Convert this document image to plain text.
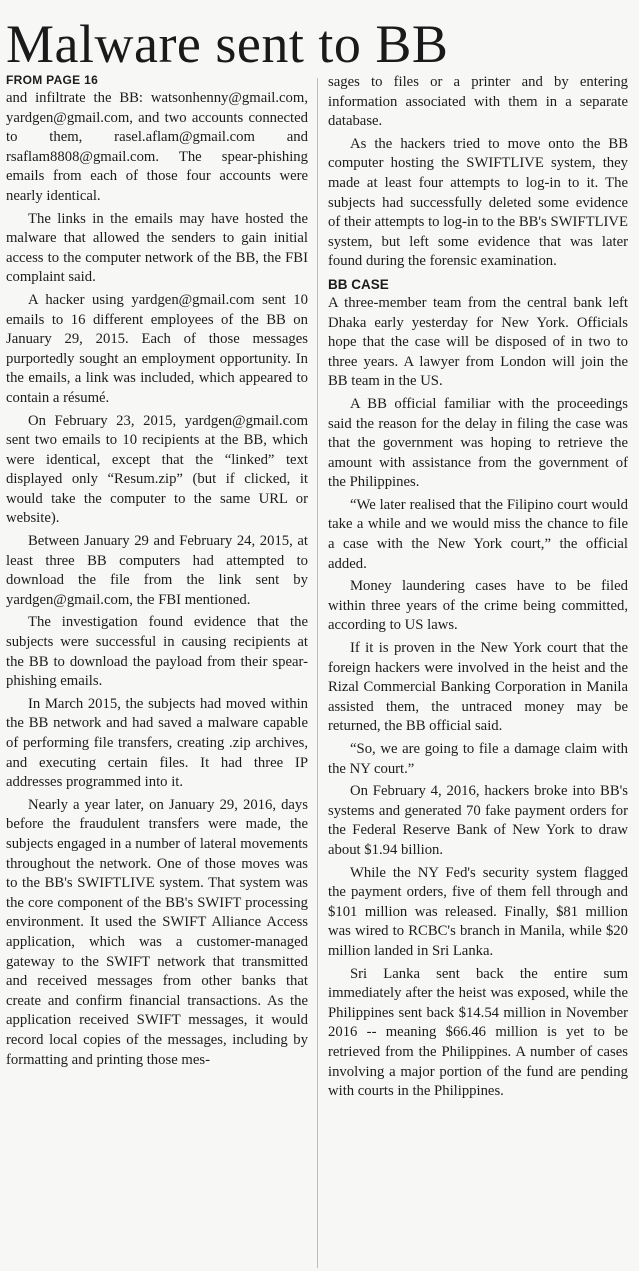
Malware sent to BB
FROM PAGE 16

and infiltrate the BB: watsonhenny@gmail.com, yardgen@gmail.com, and two accounts connected to them, rasel.aflam@gmail.com and rsaflam8808@gmail.com. The spear-phishing emails from each of those four accounts were nearly identical.

The links in the emails may have hosted the malware that allowed the senders to gain initial access to the computer network of the BB, the FBI complaint said.

A hacker using yardgen@gmail.com sent 10 emails to 16 different employees of the BB on January 29, 2015. Each of those messages purportedly sought an employment opportunity. In the emails, a link was included, which appeared to contain a résumé.

On February 23, 2015, yardgen@gmail.com sent two emails to 10 recipients at the BB, which were identical, except that the “linked” text displayed only “Resum.zip” (but if clicked, it would take the computer to the same URL or website).

Between January 29 and February 24, 2015, at least three BB computers had attempted to download the file from the link sent by yardgen@gmail.com, the FBI mentioned.

The investigation found evidence that the subjects were successful in causing recipients at the BB to download the payload from their spear-phishing emails.

In March 2015, the subjects had moved within the BB network and had saved a malware capable of performing file transfers, creating .zip archives, and executing certain files. It had three IP addresses programmed into it.

Nearly a year later, on January 29, 2016, days before the fraudulent transfers were made, the subjects engaged in a number of lateral movements throughout the network. One of those moves was to the BB's SWIFTLIVE system. That system was the core component of the BB's SWIFT processing environment. It used the SWIFT Alliance Access application, which was a customer-managed gateway to the SWIFT network that transmitted and received messages from other banks that create and confirm financial transactions. As the application received SWIFT messages, it would record local copies of the messages, including by formatting and printing those mes-

sages to files or a printer and by entering information associated with them in a separate database.

As the hackers tried to move onto the BB computer hosting the SWIFTLIVE system, they made at least four attempts to log-in to it. The subjects had successfully deleted some evidence of their attempts to log-in to the BB's SWIFTLIVE system, but left some evidence that was later found during the forensic examination.

BB CASE

A three-member team from the central bank left Dhaka early yesterday for New York. Officials hope that the case will be disposed of in two to three years. A lawyer from London will join the BB team in the US.

A BB official familiar with the proceedings said the reason for the delay in filing the case was that the government was hoping to retrieve the amount with assistance from the government of the Philippines.

“We later realised that the Filipino court would take a while and we would miss the chance to file a case with the New York court,” the official added.

Money laundering cases have to be filed within three years of the crime being committed, according to US laws.

If it is proven in the New York court that the foreign hackers were involved in the heist and the Rizal Commercial Banking Corporation in Manila assisted them, the untraced money may be returned, the BB official said.

“So, we are going to file a damage claim with the NY court.”

On February 4, 2016, hackers broke into BB's systems and generated 70 fake payment orders for the Federal Reserve Bank of New York to draw about $1.94 billion.

While the NY Fed's security system flagged the payment orders, five of them fell through and $101 million was released. Finally, $81 million was wired to RCBC's branch in Manila, while $20 million landed in Sri Lanka.

Sri Lanka sent back the entire sum immediately after the heist was exposed, while the Philippines sent back $14.54 million in November 2016 -- meaning $66.46 million is yet to be retrieved from the Philippines. A number of cases involving a major portion of the fund are pending with courts in the Philippines.
